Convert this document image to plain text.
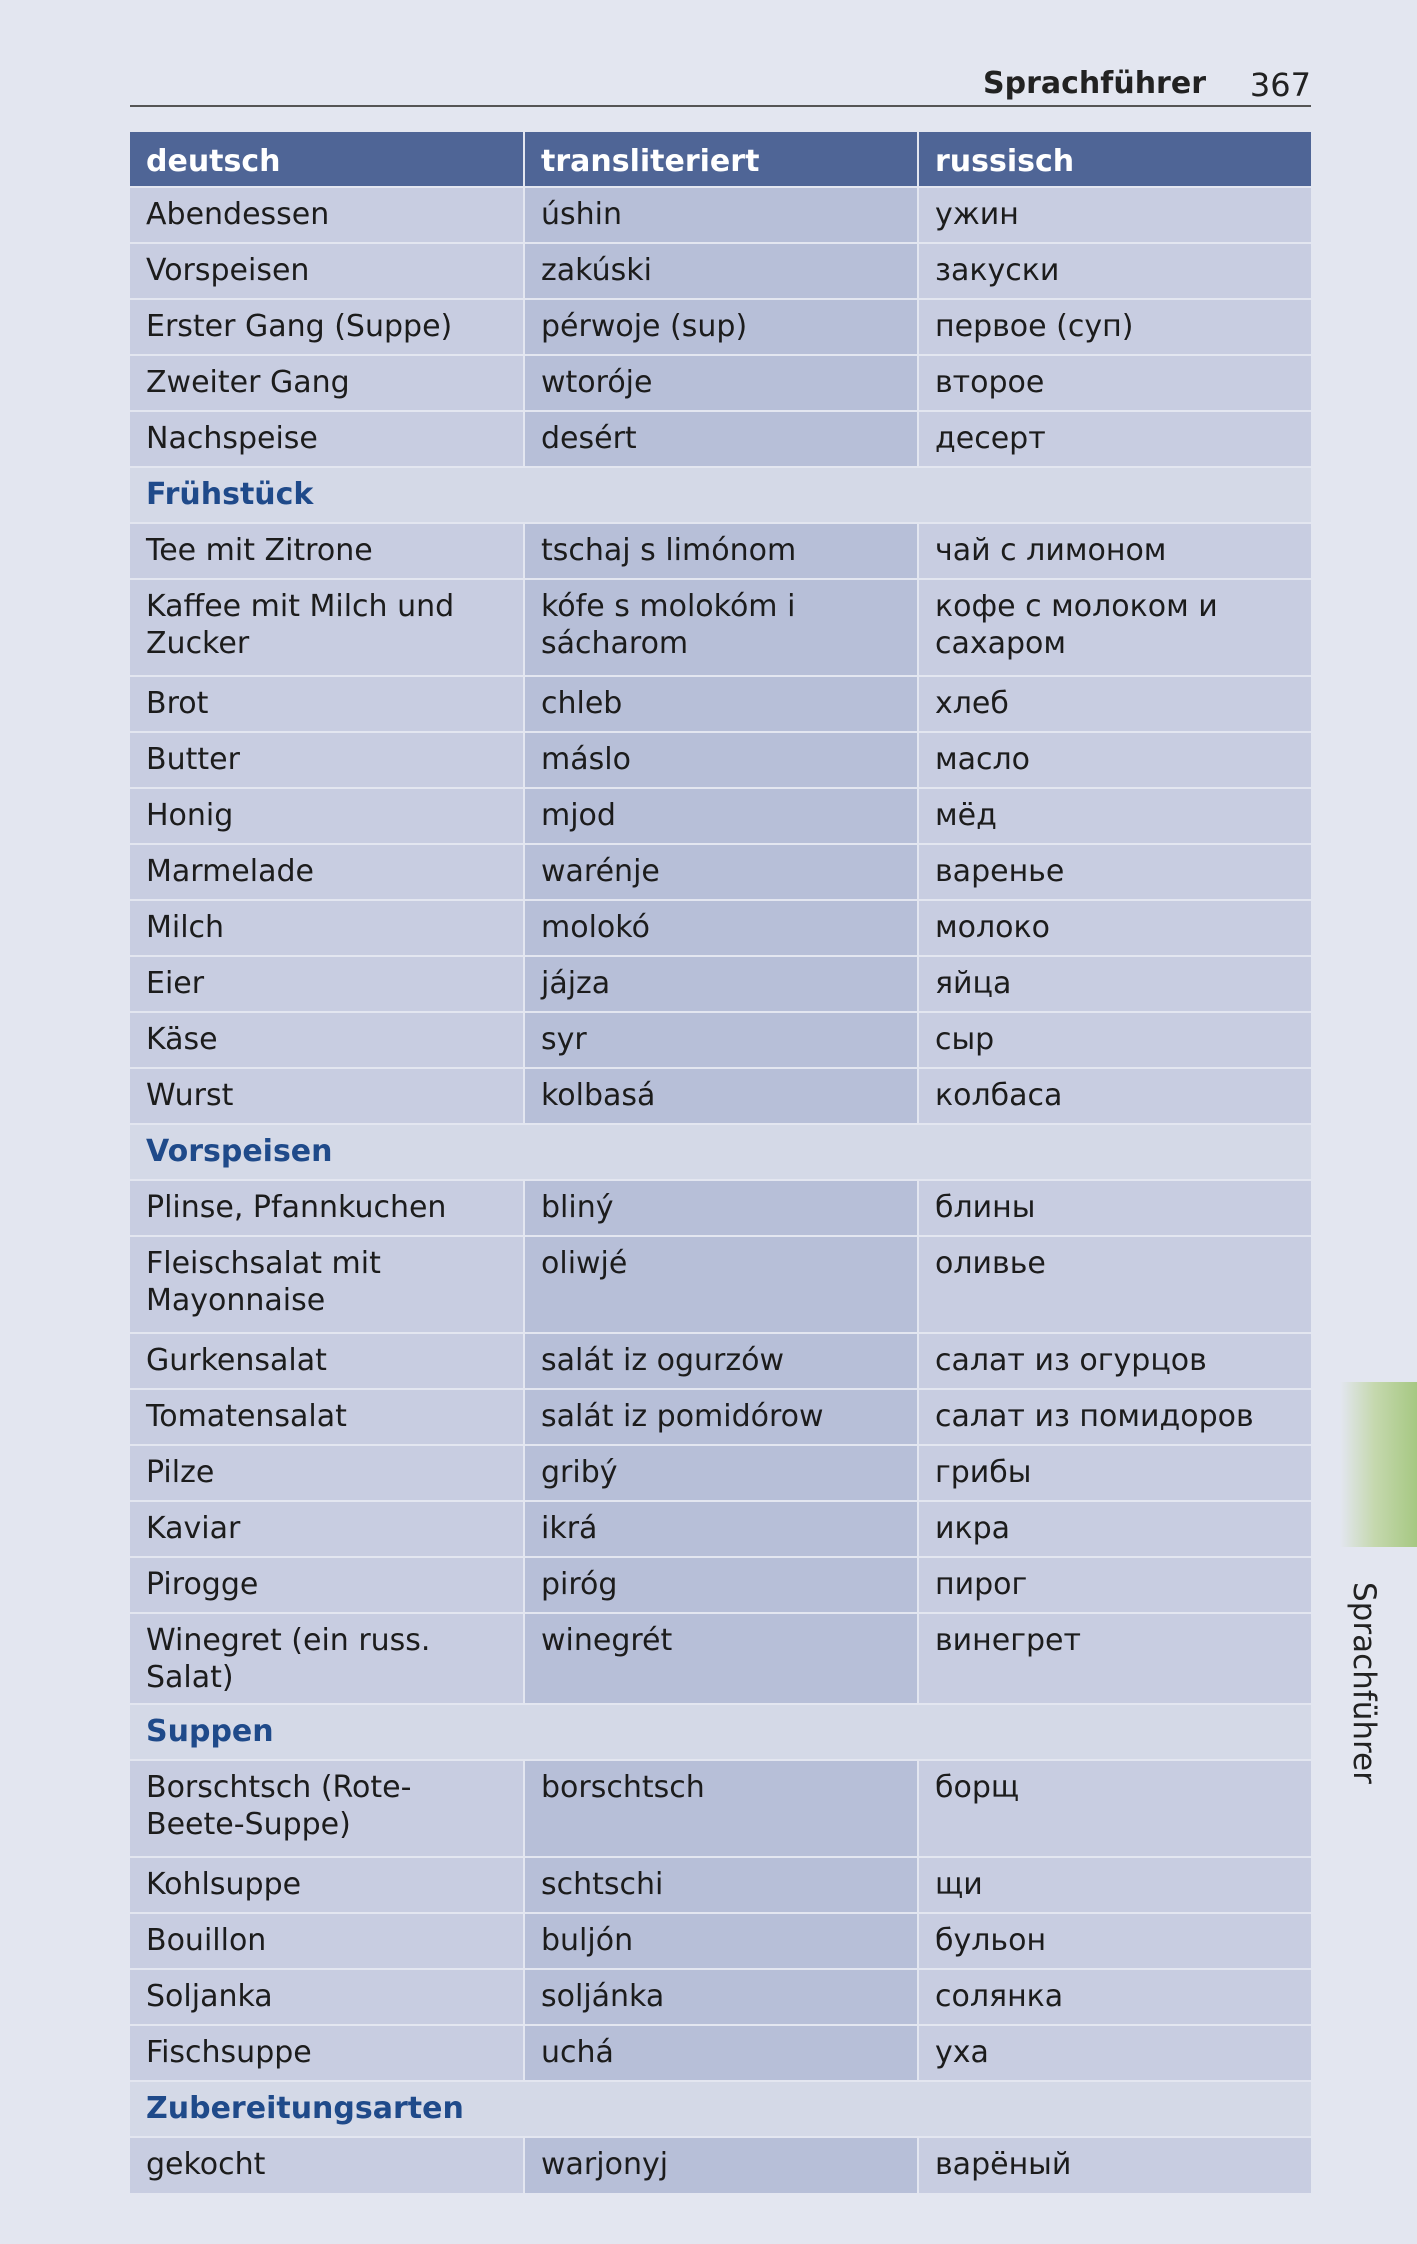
Sprachführer 367
deutsch	transliteriert	russisch
Abendessen	úshin	ужин
Vorspeisen	zakúski	закуски
Erster Gang (Suppe)	pérwoje (sup)	первое (суп)
Zweiter Gang	wtoróje	второе
Nachspeise	desért	десерт
Frühstück		
Tee mit Zitrone	tschaj s limónom	чай с лимоном
Kaffee mit Milch und Zucker	kófe s molokóm i sácharom	кофе с молоком и сахаром
Brot	chleb	хлеб
Butter	máslo	масло
Honig	mjod	мёд
Marmelade	warénje	варенье
Milch	molokó	молоко
Eier	jájza	яйца
Käse	syr	сыр
Wurst	kolbasá	колбаса
Vorspeisen		
Plinse, Pfannkuchen	bliný	блины
Fleischsalat mit Mayonnaise	oliwjé	оливье
Gurkensalat	salát iz ogurzów	салат из огурцов
Tomatensalat	salát iz pomidórow	салат из помидоров
Pilze	gribý	грибы
Kaviar	ikrá	икра
Pirogge	piróg	пирог
Winegret (ein russ. Salat)	winegrét	винегрет
Suppen		
Borschtsch (Rote-Beete-Suppe)	borschtsch	борщ
Kohlsuppe	schtschi	щи
Bouillon	buljón	бульон
Soljanka	soljánka	солянка
Fischsuppe	uchá	уха
Zubereitungsarten		
gekocht	warjonyj	варёный
Sprachführer
